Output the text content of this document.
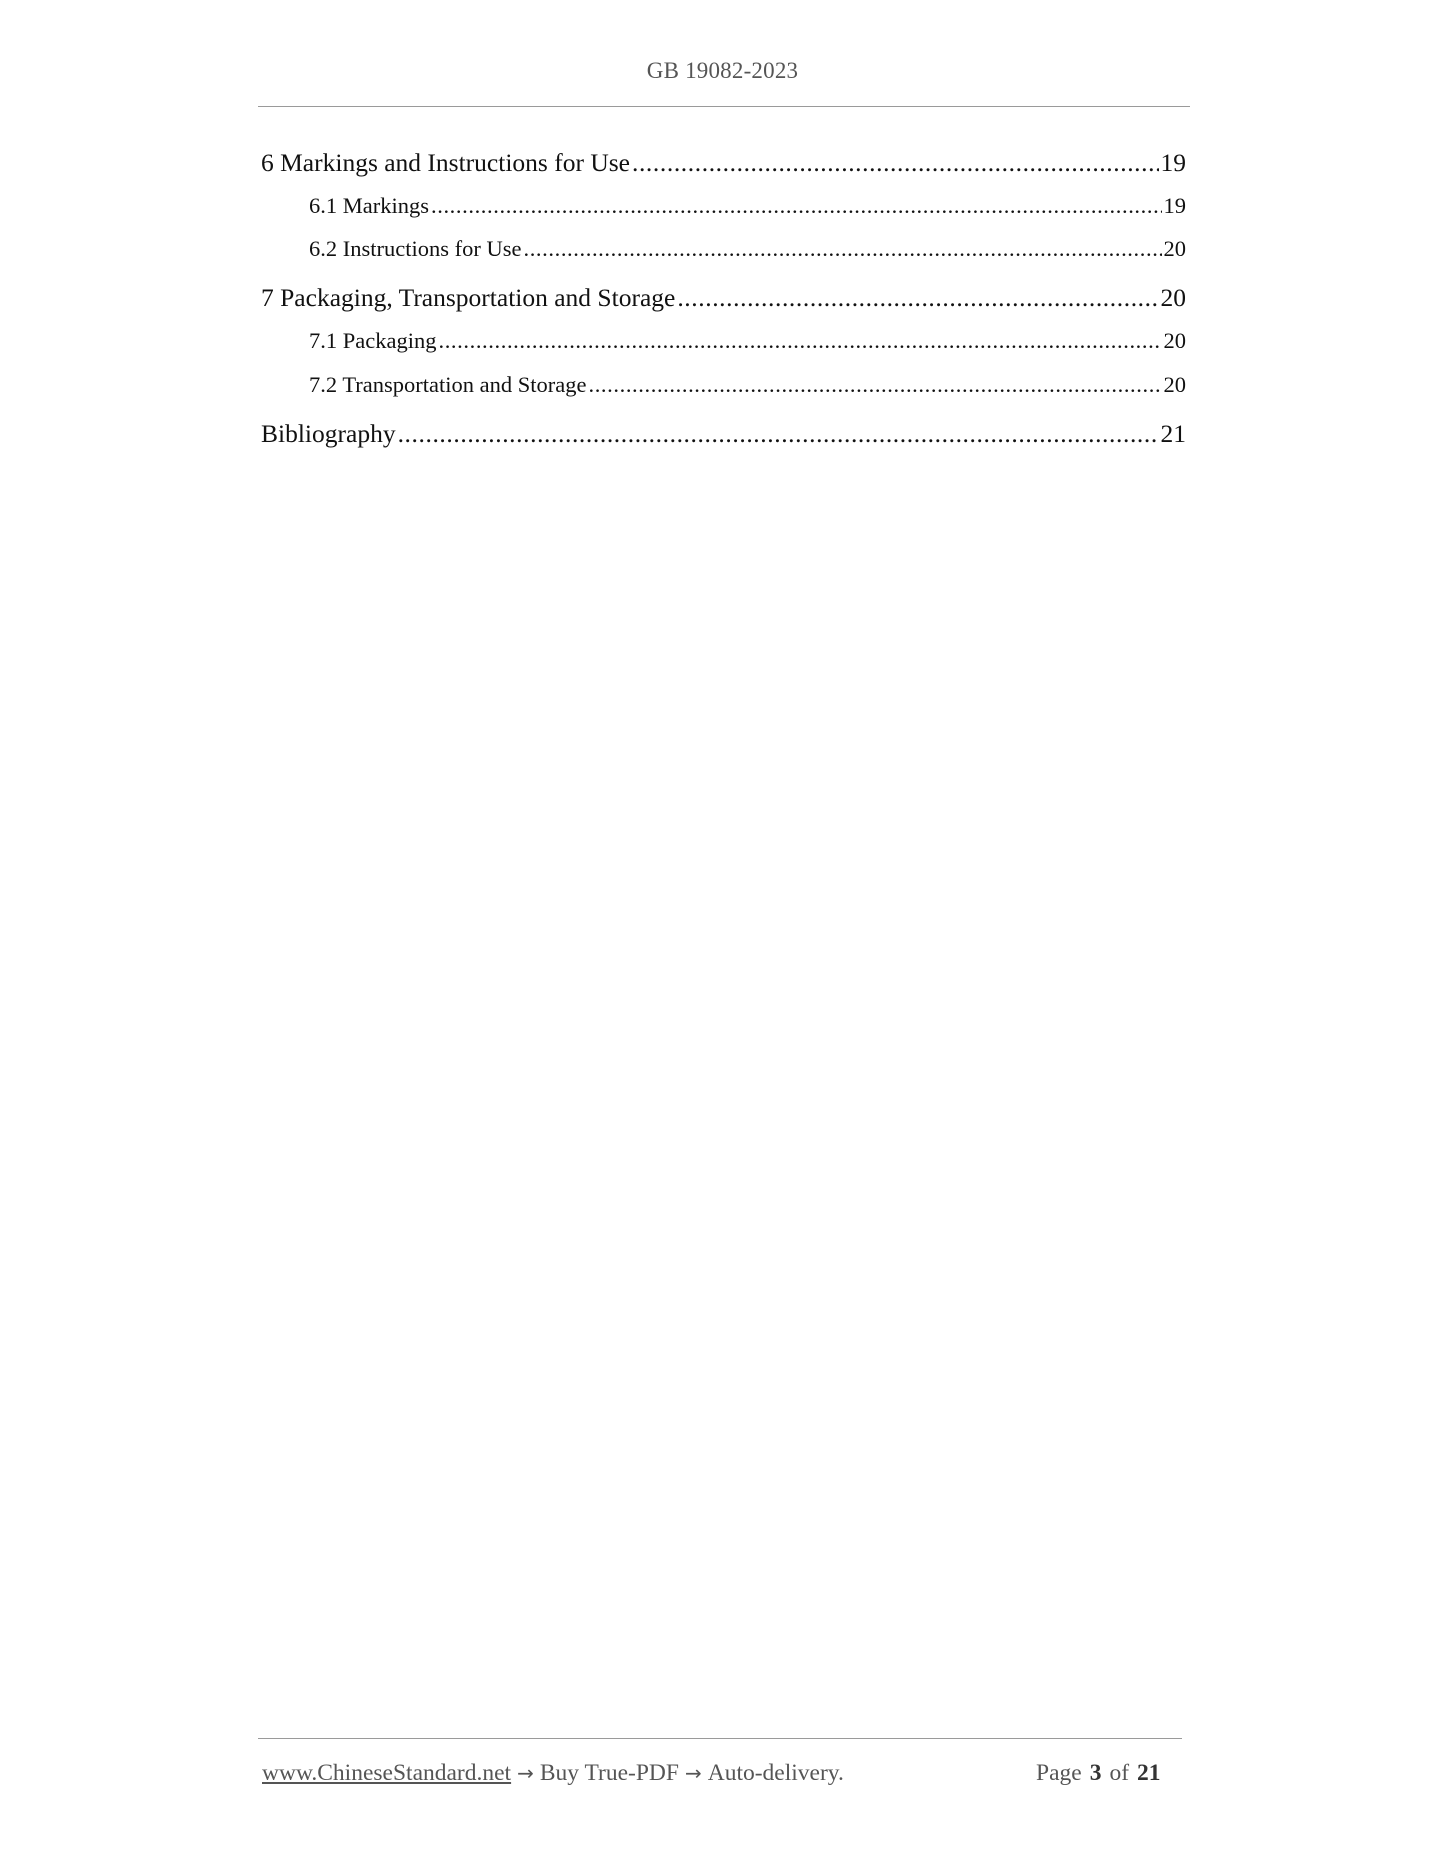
GB 19082-2023
6 Markings and Instructions for Use .....	19
6.1 Markings .....	19
6.2 Instructions for Use .....	20
7 Packaging, Transportation and Storage .....	20
7.1 Packaging .....	20
7.2 Transportation and Storage .....	20
Bibliography .....	21
www.ChineseStandard.net → Buy True-PDF → Auto-delivery.	Page 3 of 21
